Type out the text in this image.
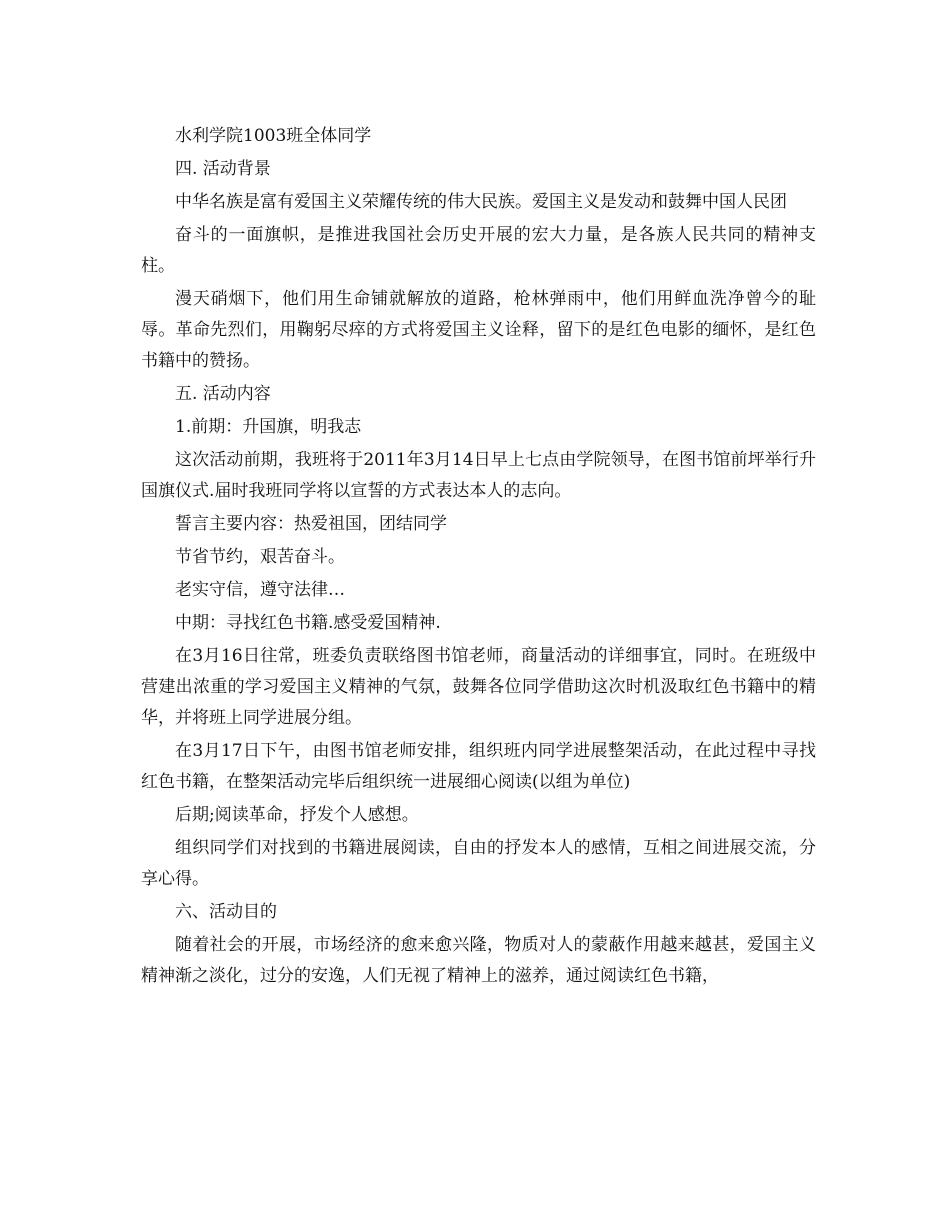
水利学院1003班全体同学

四. 活动背景

中华名族是富有爱国主义荣耀传统的伟大民族。爱国主义是发动和鼓舞中国人民团

奋斗的一面旗帜，是推进我国社会历史开展的宏大力量，是各族人民共同的精神支柱。

漫天硝烟下，他们用生命铺就解放的道路，枪林弹雨中，他们用鲜血洗净曾今的耻辱。革命先烈们，用鞠躬尽瘁的方式将爱国主义诠释，留下的是红色电影的缅怀，是红色书籍中的赞扬。

五. 活动内容

1.前期：升国旗，明我志

这次活动前期，我班将于2011年3月14日早上七点由学院领导，在图书馆前坪举行升国旗仪式.届时我班同学将以宣誓的方式表达本人的志向。

誓言主要内容：热爱祖国，团结同学

节省节约，艰苦奋斗。

老实守信，遵守法律…

中期：寻找红色书籍.感受爱国精神.

在3月16日往常，班委负责联络图书馆老师，商量活动的详细事宜，同时。在班级中营建出浓重的学习爱国主义精神的气氛，鼓舞各位同学借助这次时机汲取红色书籍中的精华，并将班上同学进展分组。

在3月17日下午，由图书馆老师安排，组织班内同学进展整架活动，在此过程中寻找红色书籍，在整架活动完毕后组织统一进展细心阅读(以组为单位)

后期;阅读革命，抒发个人感想。

组织同学们对找到的书籍进展阅读，自由的抒发本人的感情，互相之间进展交流，分享心得。

六、活动目的

随着社会的开展，市场经济的愈来愈兴隆，物质对人的蒙蔽作用越来越甚，爱国主义精神渐之淡化，过分的安逸，人们无视了精神上的滋养，通过阅读红色书籍，
